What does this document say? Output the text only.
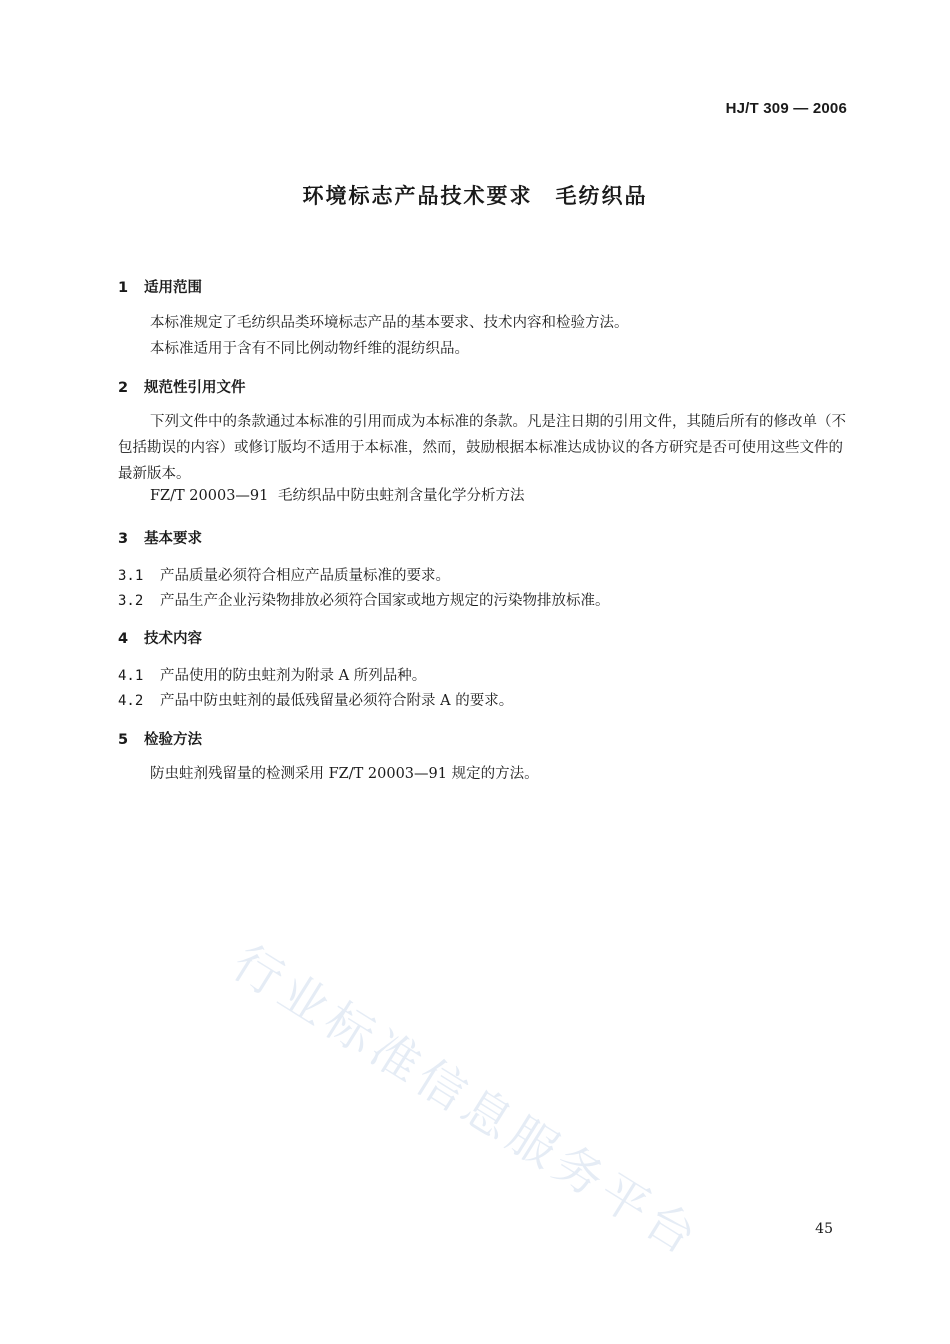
HJ/T 309 — 2006
环境标志产品技术要求　毛纺织品
1 适用范围
本标准规定了毛纺织品类环境标志产品的基本要求、技术内容和检验方法。
本标准适用于含有不同比例动物纤维的混纺织品。
2 规范性引用文件
下列文件中的条款通过本标准的引用而成为本标准的条款。凡是注日期的引用文件，其随后所有的修改单（不包括勘误的内容）或修订版均不适用于本标准，然而，鼓励根据本标准达成协议的各方研究是否可使用这些文件的最新版本。
FZ/T 20003—91 毛纺织品中防虫蛀剂含量化学分析方法
3 基本要求
3.1 产品质量必须符合相应产品质量标准的要求。
3.2 产品生产企业污染物排放必须符合国家或地方规定的污染物排放标准。
4 技术内容
4.1 产品使用的防虫蛀剂为附录 A 所列品种。
4.2 产品中防虫蛀剂的最低残留量必须符合附录 A 的要求。
5 检验方法
防虫蛀剂残留量的检测采用 FZ/T 20003—91 规定的方法。
行业标准信息服务平台	45
